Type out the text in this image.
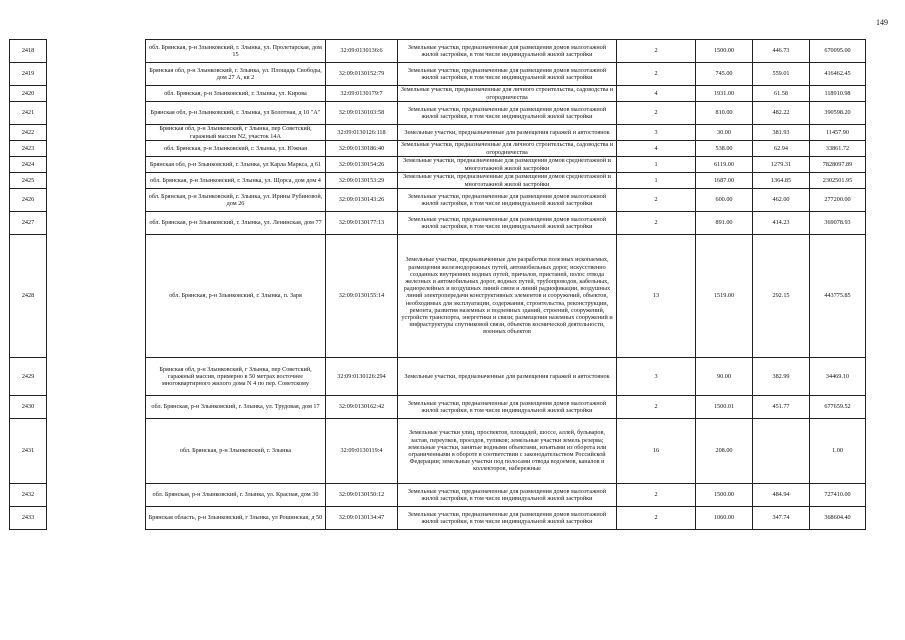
149
2418		обл. Брянская, р-н Злынковский, г. Злынка, ул. Пролетарская, дом 15	32:09:0130136:6	Земельные участки, предназначенные для размещения домов малоэтажной жилой застройки, в том числе индивидуальной жилой застройки	2	1500.00	446.73	670095.00
2419		Брянская обл, р-н Злынковский, г. Злынка, ул. Площадь Свободы, дом 27 А, кв 2	32:09:0130152:79	Земельные участки, предназначенные для размещения домов малоэтажной жилой застройки, в том числе индивидуальной жилой застройки	2	745.00	559.01	416462.45
2420		обл. Брянская, р-н Злынковский, г. Злынка, ул. Кирова	32:09:0130179:7	Земельные участки, предназначенные для личного строительства, садоводства и огородничества	4	1931.00	61.58	118910.98
2421		Брянская обл, р-н Злынковский, г. Злынка, ул Болотная, д 10 "А"	32:09:0130103:58	Земельные участки, предназначенные для размещения домов малоэтажной жилой застройки, в том числе индивидуальной жилой застройки	2	810.00	482.22	390598.20
2422		Брянская обл, р-н Злынковский, г Злынка, пер Советский, гаражный массив N2, участок 14А	32:09:0130126:118	Земельные участки, предназначенные для размещения гаражей и автостоянок	3	30.00	381.93	11457.90
2423		обл. Брянская, р-н Злынковский, г. Злынка, ул. Южная	32:09:0130186:40	Земельные участки, предназначенные для личного строительства, садоводства и огородничества	4	538.00	62.94	33861.72
2424		Брянская обл, р-н Злынковский, г. Злынка, ул Карла Маркса, д 61	32:09:0130154:26	Земельные участки, предназначенные для размещения домов среднеэтажной и многоэтажной жилой застройки	1	6119.00	1279.31	7828097.89
2425		обл. Брянская, р-н Злынковский, г. Злынка, ул. Щорса, дом дом 4	32:09:0130153:29	Земельные участки, предназначенные для размещения домов среднеэтажной и многоэтажной жилой застройки	1	1687.00	1364.85	2302501.95
2426		обл. Брянская, р-н Злынковский, г. Злынка, ул. Ирины Рубиновой, дом 26	32:09:0130143:26	Земельные участки, предназначенные для размещения домов малоэтажной жилой застройки, в том числе индивидуальной жилой застройки	2	600.00	462.00	277200.00
2427		обл. Брянская, р-н Злынковский, г. Злынка, ул. Ленинская, дом 77	32:09:0130177:13	Земельные участки, предназначенные для размещения домов малоэтажной жилой застройки, в том числе индивидуальной жилой застройки	2	891.00	414.23	369078.93
2428		обл. Брянская, р-н Злынковский, г. Злынка, п. Заря	32:09:0130155:14	Земельные участки, предназначенные для разработки полезных ископаемых, размещения железнодорожных путей, автомобильных дорог, искусственно созданных внутренних водных путей, причалов, пристаней, полос отвода железных и автомобильных дорог, водных путей, трубопроводов, кабельных, радиорелейных и воздушных линий связи и линий радиофикации, воздушных линий электропередачи конструктивных элементов и сооружений, объектов, необходимых для эксплуатации, содержания, строительства, реконструкции, ремонта, развития наземных и подземных зданий, строений, сооружений, устройств транспорта, энергетики и связи; размещения наземных сооружений и инфраструктуры спутниковой связи, объектов космической деятельности, военных объектов	13	1519.00	292.15	443775.85
2429		Брянская обл, р-н Злынковский, г Злынка, пер Советский, гаражный массив, примерно в 50 метрах восточнее многоквартирного жилого дома N 4 по пер. Советскому	32:09:0130126:294	Земельные участки, предназначенные для размещения гаражей и автостоянок	3	90.00	382.99	34469.10
2430		обл. Брянская, р-н Злынковский, г. Злынка, ул. Трудовая, дом 17	32:09:0130162:42	Земельные участки, предназначенные для размещения домов малоэтажной жилой застройки, в том числе индивидуальной жилой застройки	2	1500.01	451.77	677659.52
2431		обл. Брянская, р-н Злынковский, г. Злынка	32:09:0130119:4	Земельные участки улиц, проспектов, площадей, шоссе, аллей, бульваров, застав, переулков, проездов, тупиков; земельные участки земель резерва; земельные участки, занятые водными объектами, изъятыми из оборота или ограниченными в обороте в соответствии с законодательством Российской Федерации; земельные участки под полосами отвода водоемов, каналов и коллекторов, набережные	16	208.00		1.00
2432		обл. Брянская, р-н Злынковский, г. Злынка, ул. Красная, дом 30	32:09:0130150:12	Земельные участки, предназначенные для размещения домов малоэтажной жилой застройки, в том числе индивидуальной жилой застройки	2	1500.00	484.94	727410.00
2433		Брянская область, р-н Злынковский, г Злынка, ул Рошинская, д 50	32:09:0130134:47	Земельные участки, предназначенные для размещения домов малоэтажной жилой застройки, в том числе индивидуальной жилой застройки	2	1060.00	347.74	368604.40
